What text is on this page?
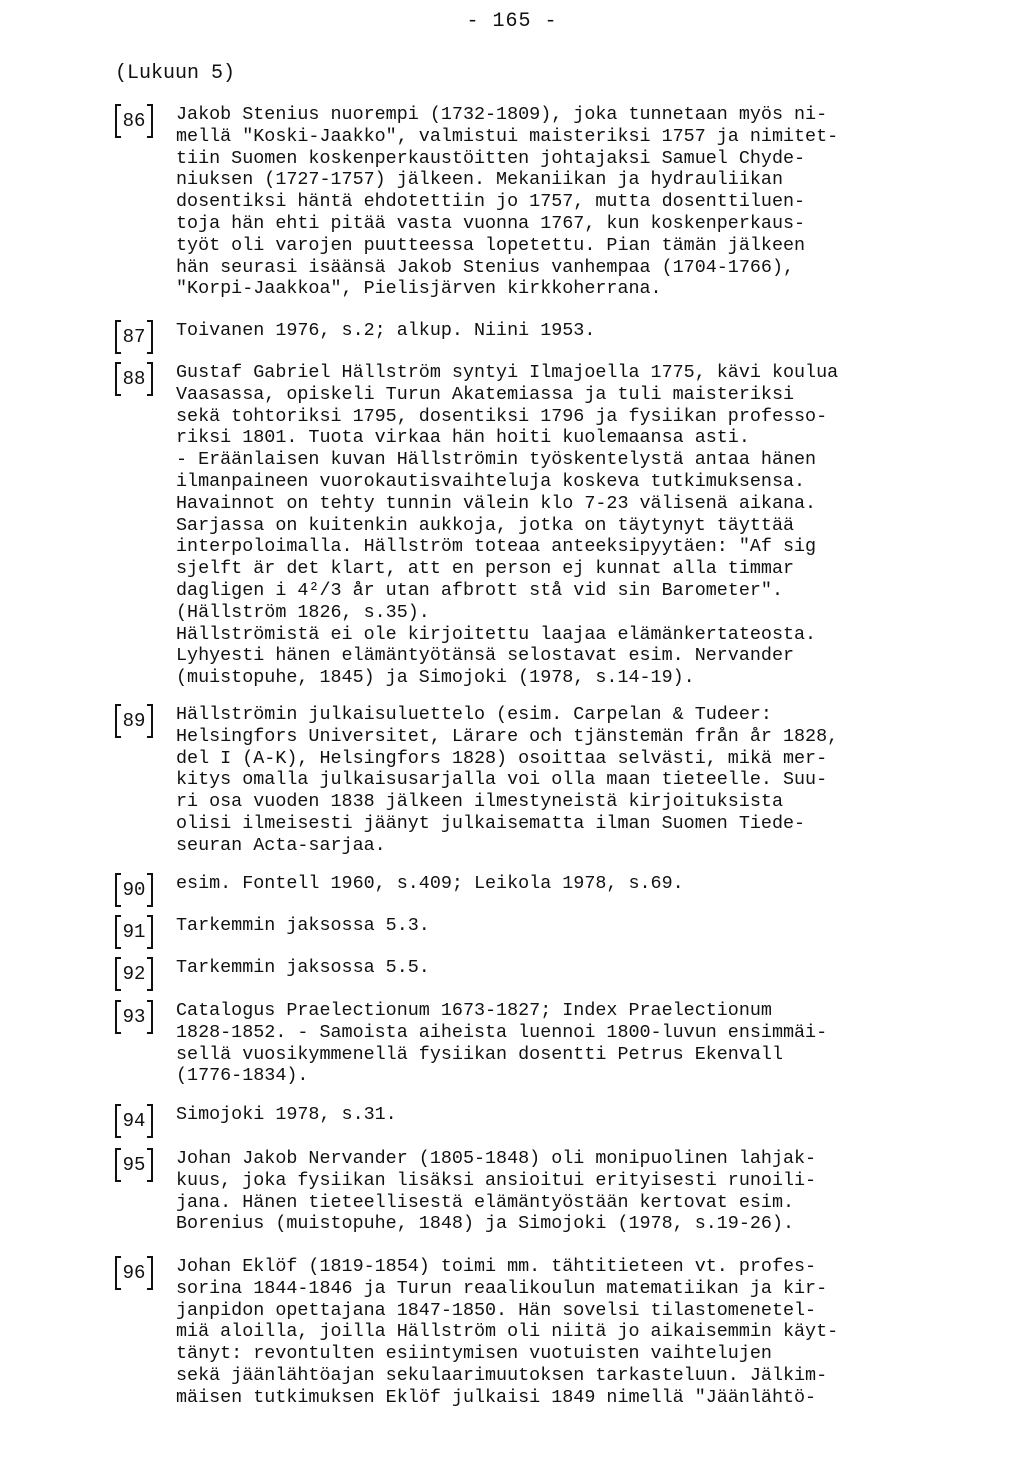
- 165 -
(Lukuun 5)
86	Jakob Stenius nuorempi (1732-1809), joka tunnetaan myös ni-
mellä "Koski-Jaakko", valmistui maisteriksi 1757 ja nimitet-
tiin Suomen koskenperkaustöitten johtajaksi Samuel Chyde-
niuksen (1727-1757) jälkeen. Mekaniikan ja hydrauliikan
dosentiksi häntä ehdotettiin jo 1757, mutta dosenttiluen-
toja hän ehti pitää vasta vuonna 1767, kun koskenperkaus-
työt oli varojen puutteessa lopetettu. Pian tämän jälkeen
hän seurasi isäänsä Jakob Stenius vanhempaa (1704-1766),
"Korpi-Jaakkoa", Pielisjärven kirkkoherrana.
87	Toivanen 1976, s.2; alkup. Niini 1953.
88	Gustaf Gabriel Hällström syntyi Ilmajoella 1775, kävi koulua
Vaasassa, opiskeli Turun Akatemiassa ja tuli maisteriksi
sekä tohtoriksi 1795, dosentiksi 1796 ja fysiikan professo-
riksi 1801. Tuota virkaa hän hoiti kuolemaansa asti.
- Eräänlaisen kuvan Hällströmin työskentelystä antaa hänen
ilmanpaineen vuorokautisvaihteluja koskeva tutkimuksensa.
Havainnot on tehty tunnin välein klo 7-23 välisenä aikana.
Sarjassa on kuitenkin aukkoja, jotka on täytynyt täyttää
interpoloimalla. Hällström toteaa anteeksipyytäen: "Af sig
sjelft är det klart, att en person ej kunnat alla timmar
dagligen i 4²/3 år utan afbrott stå vid sin Barometer".
(Hällström 1826, s.35).
Hällströmistä ei ole kirjoitettu laajaa elämänkertateosta.
Lyhyesti hänen elämäntyötänsä selostavat esim. Nervander
(muistopuhe, 1845) ja Simojoki (1978, s.14-19).
89	Hällströmin julkaisuluettelo (esim. Carpelan & Tudeer:
Helsingfors Universitet, Lärare och tjänstemän från år 1828,
del I (A-K), Helsingfors 1828) osoittaa selvästi, mikä mer-
kitys omalla julkaisusarjalla voi olla maan tieteelle. Suu-
ri osa vuoden 1838 jälkeen ilmestyneistä kirjoituksista
olisi ilmeisesti jäänyt julkaisematta ilman Suomen Tiede-
seuran Acta-sarjaa.
90	esim. Fontell 1960, s.409; Leikola 1978, s.69.
91	Tarkemmin jaksossa 5.3.
92	Tarkemmin jaksossa 5.5.
93	Catalogus Praelectionum 1673-1827; Index Praelectionum
1828-1852. - Samoista aiheista luennoi 1800-luvun ensimmäi-
sellä vuosikymmenellä fysiikan dosentti Petrus Ekenvall
(1776-1834).
94	Simojoki 1978, s.31.
95	Johan Jakob Nervander (1805-1848) oli monipuolinen lahjak-
kuus, joka fysiikan lisäksi ansioitui erityisesti runoili-
jana. Hänen tieteellisestä elämäntyöstään kertovat esim.
Borenius (muistopuhe, 1848) ja Simojoki (1978, s.19-26).
96	Johan Eklöf (1819-1854) toimi mm. tähtitieteen vt. profes-
sorina 1844-1846 ja Turun reaalikoulun matematiikan ja kir-
janpidon opettajana 1847-1850. Hän sovelsi tilastomenetel-
miä aloilla, joilla Hällström oli niitä jo aikaisemmin käyt-
tänyt: revontulten esiintymisen vuotuisten vaihtelujen
sekä jäänlähtöajan sekulaarimuutoksen tarkasteluun. Jälkim-
mäisen tutkimuksen Eklöf julkaisi 1849 nimellä "Jäänlähtö-
